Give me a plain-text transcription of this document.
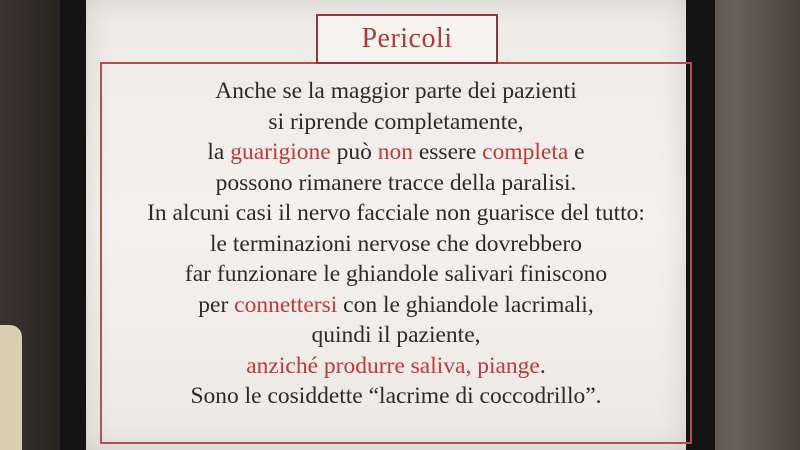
Pericoli
Anche se la maggior parte dei pazienti
si riprende completamente,
la guarigione può non essere completa e
possono rimanere tracce della paralisi.
In alcuni casi il nervo facciale non guarisce del tutto:
le terminazioni nervose che dovrebbero
far funzionare le ghiandole salivari finiscono
per connettersi con le ghiandole lacrimali,
quindi il paziente,
anziché produrre saliva, piange.
Sono le cosiddette “lacrime di coccodrillo”.
